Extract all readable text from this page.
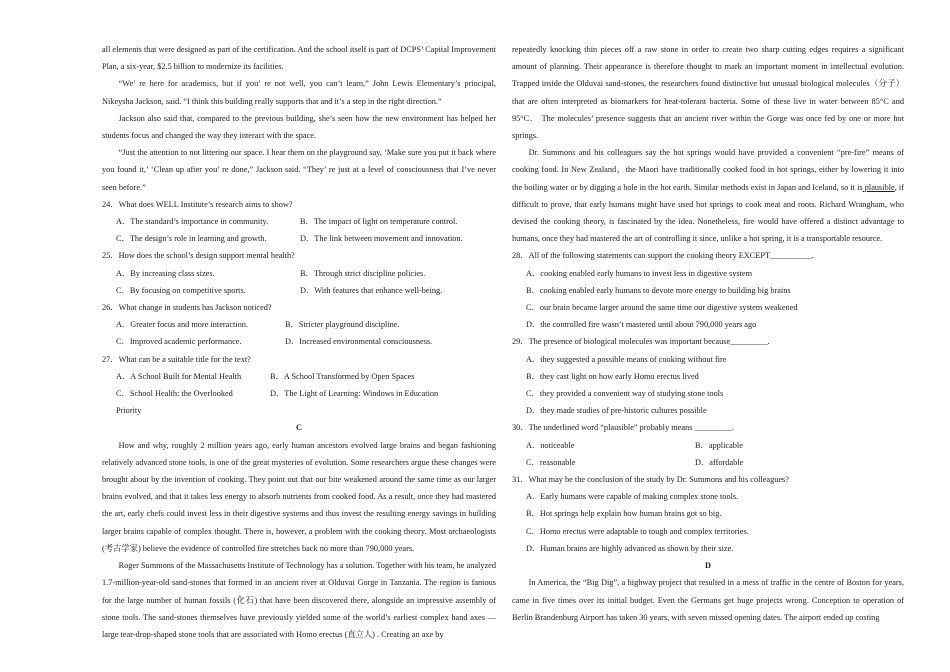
all elements that were designed as part of the certification. And the school itself is part of DCPS’ Capital Improvement Plan, a six-year, $2.5 billion to modernize its facilities.

“We’ re here for academics, but if you’ re not well, you can’t learn,” John Lewis Elementary’s principal, Nikeysha Jackson, said. “I think this building really supports that and it’s a step in the right direction.”

Jackson also said that, compared to the previous building, she’s seen how the new environment has helped her students focus and changed the way they interact with the space.

“Just the attention to not littering our space. I hear them on the playground say, ‘Make sure you put it back where you found it,’ ‘Clean up after you’ re done,” Jackson said. “They’ re just at a level of consciousness that I’ve never seen before.”

24．What does WELL Institute’s research aims to show?

A．The standard’s importance in community.	B．The impact of light on temperature control.
C．The design’s role in learning and growth.	D．The link between movement and innovation.

25．How does the school’s design support mental health?

A．By increasing class sizes.	B．Through strict discipline policies.
C．By focusing on competitive sports.	D．With features that enhance well-being.

26．What change in students has Jackson noticed?

A．Greater focus and more interaction.	B．Stricter playground discipline.
C．Improved academic performance.	D．Increased environmental consciousness.

27．What can be a suitable title for the text?

A．A School Built for Mental Health	B．A School Transformed by Open Spaces
C．School Health: the Overlooked Priority
D．The Light of Learning: Windows in Education

C

How and why, roughly 2 million years ago, early human ancestors evolved large brains and began fashioning relatively advanced stone tools, is one of the great mysteries of evolution. Some researchers argue these changes were brought about by the invention of cooking. They point out that our bite weakened around the same time as our larger brains evolved, and that it takes less energy to absorb nutrients from cooked food. As a result, once they had mastered the art, early chefs could invest less in their digestive systems and thus invest the resulting energy savings in building larger brains capable of complex thought. There is, however, a problem with the cooking theory. Most archaeologists (考古学家) believe the evidence of controlled fire stretches back no more than 790,000 years.

Roger Summons of the Massachusetts Institute of Technology has a solution. Together with his team, he analyzed 1.7-million-year-old sand-stones that formed in an ancient river at Olduvai Gorge in Tanzania. The region is famous for the large number of human fossils (化石) that have been discovered there, alongside an impressive assembly of stone tools. The sand-stones themselves have previously yielded some of the world’s earliest complex hand axes — large tear-drop-shaped stone tools that are associated with Homo erectus (直立人) . Creating an axe by

repeatedly knocking thin pieces off a raw stone in order to create two sharp cutting edges requires a significant amount of planning. Their appearance is therefore thought to mark an important moment in intellectual evolution. Trapped inside the Olduvai sand-stones, the researchers found distinctive but unusual biological molecules（分子）that are often interpreted as biomarkers for heat-tolerant bacteria. Some of these live in water between 85°C and 95°C． The molecules’ presence suggests that an ancient river within the Gorge was once fed by one or more hot springs.

Dr. Summons and his colleagues say the hot springs would have provided a convenient “pre-fire” means of cooking food. In New Zealand，the Maori have traditionally cooked food in hot springs, either by lowering it into the boiling water or by digging a hole in the hot earth. Similar methods exist in Japan and Iceland, so it is plausible, if difficult to prove, that early humans might have used hot springs to cook meat and roots. Richard Wrangham, who devised the cooking theory, is fascinated by the idea. Nonetheless, fire would have offered a distinct advantage to humans, once they had mastered the art of controlling it since, unlike a hot spring, it is a transportable resource.

28．All of the following statements can support the cooking theory EXCEPT__________.

A．cooking enabled early humans to invest less in digestive system

B．cooking enabled early humans to devote more energy to building big brains

C．our brain became larger around the same time our digestive system weakened

D．the controlled fire wasn’t mastered until about 790,000 years ago

29．The presence of biological molecules was important because_________.

A．they suggested a possible means of cooking without fire

B．they cast light on how early Homo erectus lived

C．they provided a convenient way of studying stone tools

D．they made studies of pre-historic cultures possible

30．The underlined word “plausible” probably means _________.

A．noticeable	B．applicable
C．reasonable	D．affordable

31．What may be the conclusion of the study by Dr. Summons and his colleagues?

A．Early humans were capable of making complex stone tools.

B．Hot springs help explain how human brains got so big.

C．Homo erectus were adaptable to tough and complex territories.

D．Human brains are highly advanced as shown by their size.

D

In America, the “Big Dig”, a highway project that resulted in a mess of traffic in the centre of Boston for years, came in five times over its initial budget. Even the Germans get huge projects wrong. Conception to operation of Berlin Brandenburg Airport has taken 30 years, with seven missed opening dates. The airport ended up costing
